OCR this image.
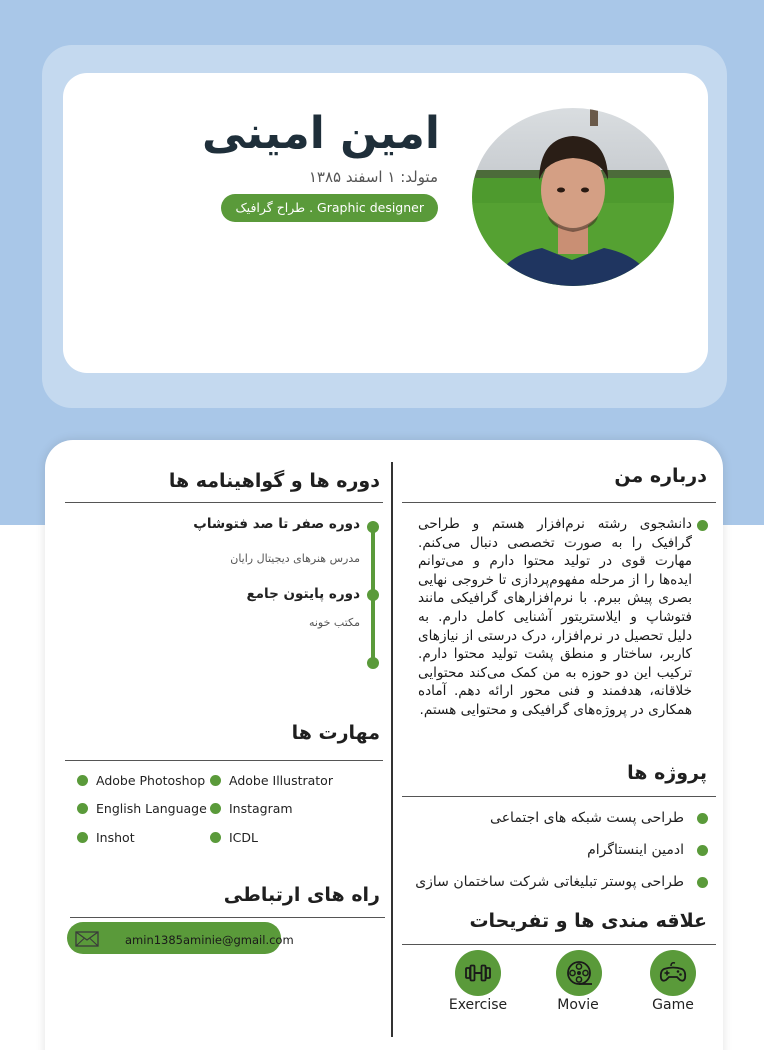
امین امینی
متولد: ۱ اسفند ۱۳۸۵
طراح گرافیک . Graphic designer
درباره من
دانشجوی رشته نرم‌افزار هستم و طراحی گرافیک را به صورت تخصصی دنبال می‌کنم. مهارت قوی در تولید محتوا دارم و می‌توانم ایده‌ها را از مرحله مفهوم‌پردازی تا خروجی نهایی بصری پیش ببرم. با نرم‌افزارهای گرافیکی مانند فتوشاپ و ایلاستریتور آشنایی کامل دارم. به دلیل تحصیل در نرم‌افزار، درک درستی از نیازهای کاربر، ساختار و منطق پشت تولید محتوا دارم. ترکیب این دو حوزه به من کمک می‌کند محتوایی خلاقانه، هدفمند و فنی محور ارائه دهم. آماده همکاری در پروژه‌های گرافیکی و محتوایی هستم.
پروژه ها
طراحی پست شبکه های اجتماعی
ادمین اینستاگرام
طراحی پوستر تبلیغاتی شرکت ساختمان سازی
علاقه مندی ها و تفریحات
Exercise	Movie	Game
دوره ها و گواهینامه ها
دوره صفر تا صد فتوشاپ
مدرس هنرهای دیجیتال رایان
دوره پایتون جامع
مکتب خونه
مهارت ها
Adobe Photoshop Adobe Illustrator
English Language Instagram
Inshot	ICDL
راه های ارتباطی
amin1385aminie@gmail.com
